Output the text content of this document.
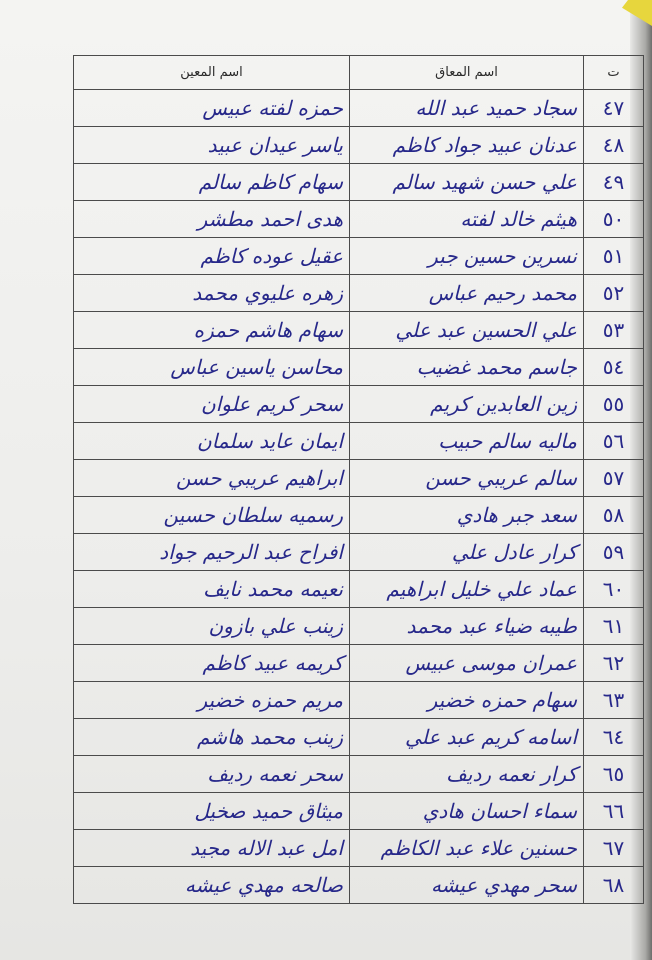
ت	اسم المعاق	اسم المعين
٤٧	سجاد حميد عبد الله	حمزه لفته عبيس
٤٨	عدنان عبيد جواد كاظم	ياسر عيدان عبيد
٤٩	علي حسن شهيد سالم	سهام كاظم سالم
٥٠	هيثم خالد لفته	هدى احمد مطشر
٥١	نسرين حسين جبر	عقيل عوده كاظم
٥٢	محمد رحيم عباس	زهره عليوي محمد
٥٣	علي الحسين عبد علي	سهام هاشم حمزه
٥٤	جاسم محمد غضيب	محاسن ياسين عباس
٥٥	زين العابدين كريم	سحر كريم علوان
٥٦	ماليه سالم حبيب	ايمان عايد سلمان
٥٧	سالم عريبي حسن	ابراهيم عريبي حسن
٥٨	سعد جبر هادي	رسميه سلطان حسين
٥٩	كرار عادل علي	افراح عبد الرحيم جواد
٦٠	عماد علي خليل ابراهيم	نعيمه محمد نايف
٦١	طيبه ضياء عبد محمد	زينب علي بازون
٦٢	عمران موسى عبيس	كريمه عبيد كاظم
٦٣	سهام حمزه خضير	مريم حمزه خضير
٦٤	اسامه كريم عبد علي	زينب محمد هاشم
٦٥	كرار نعمه رديف	سحر نعمه رديف
٦٦	سماء احسان هادي	ميثاق حميد صخيل
٦٧	حسنين علاء عبد الكاظم	امل عبد الاله مجيد
٦٨	سحر مهدي عيشه	صالحه مهدي عيشه
